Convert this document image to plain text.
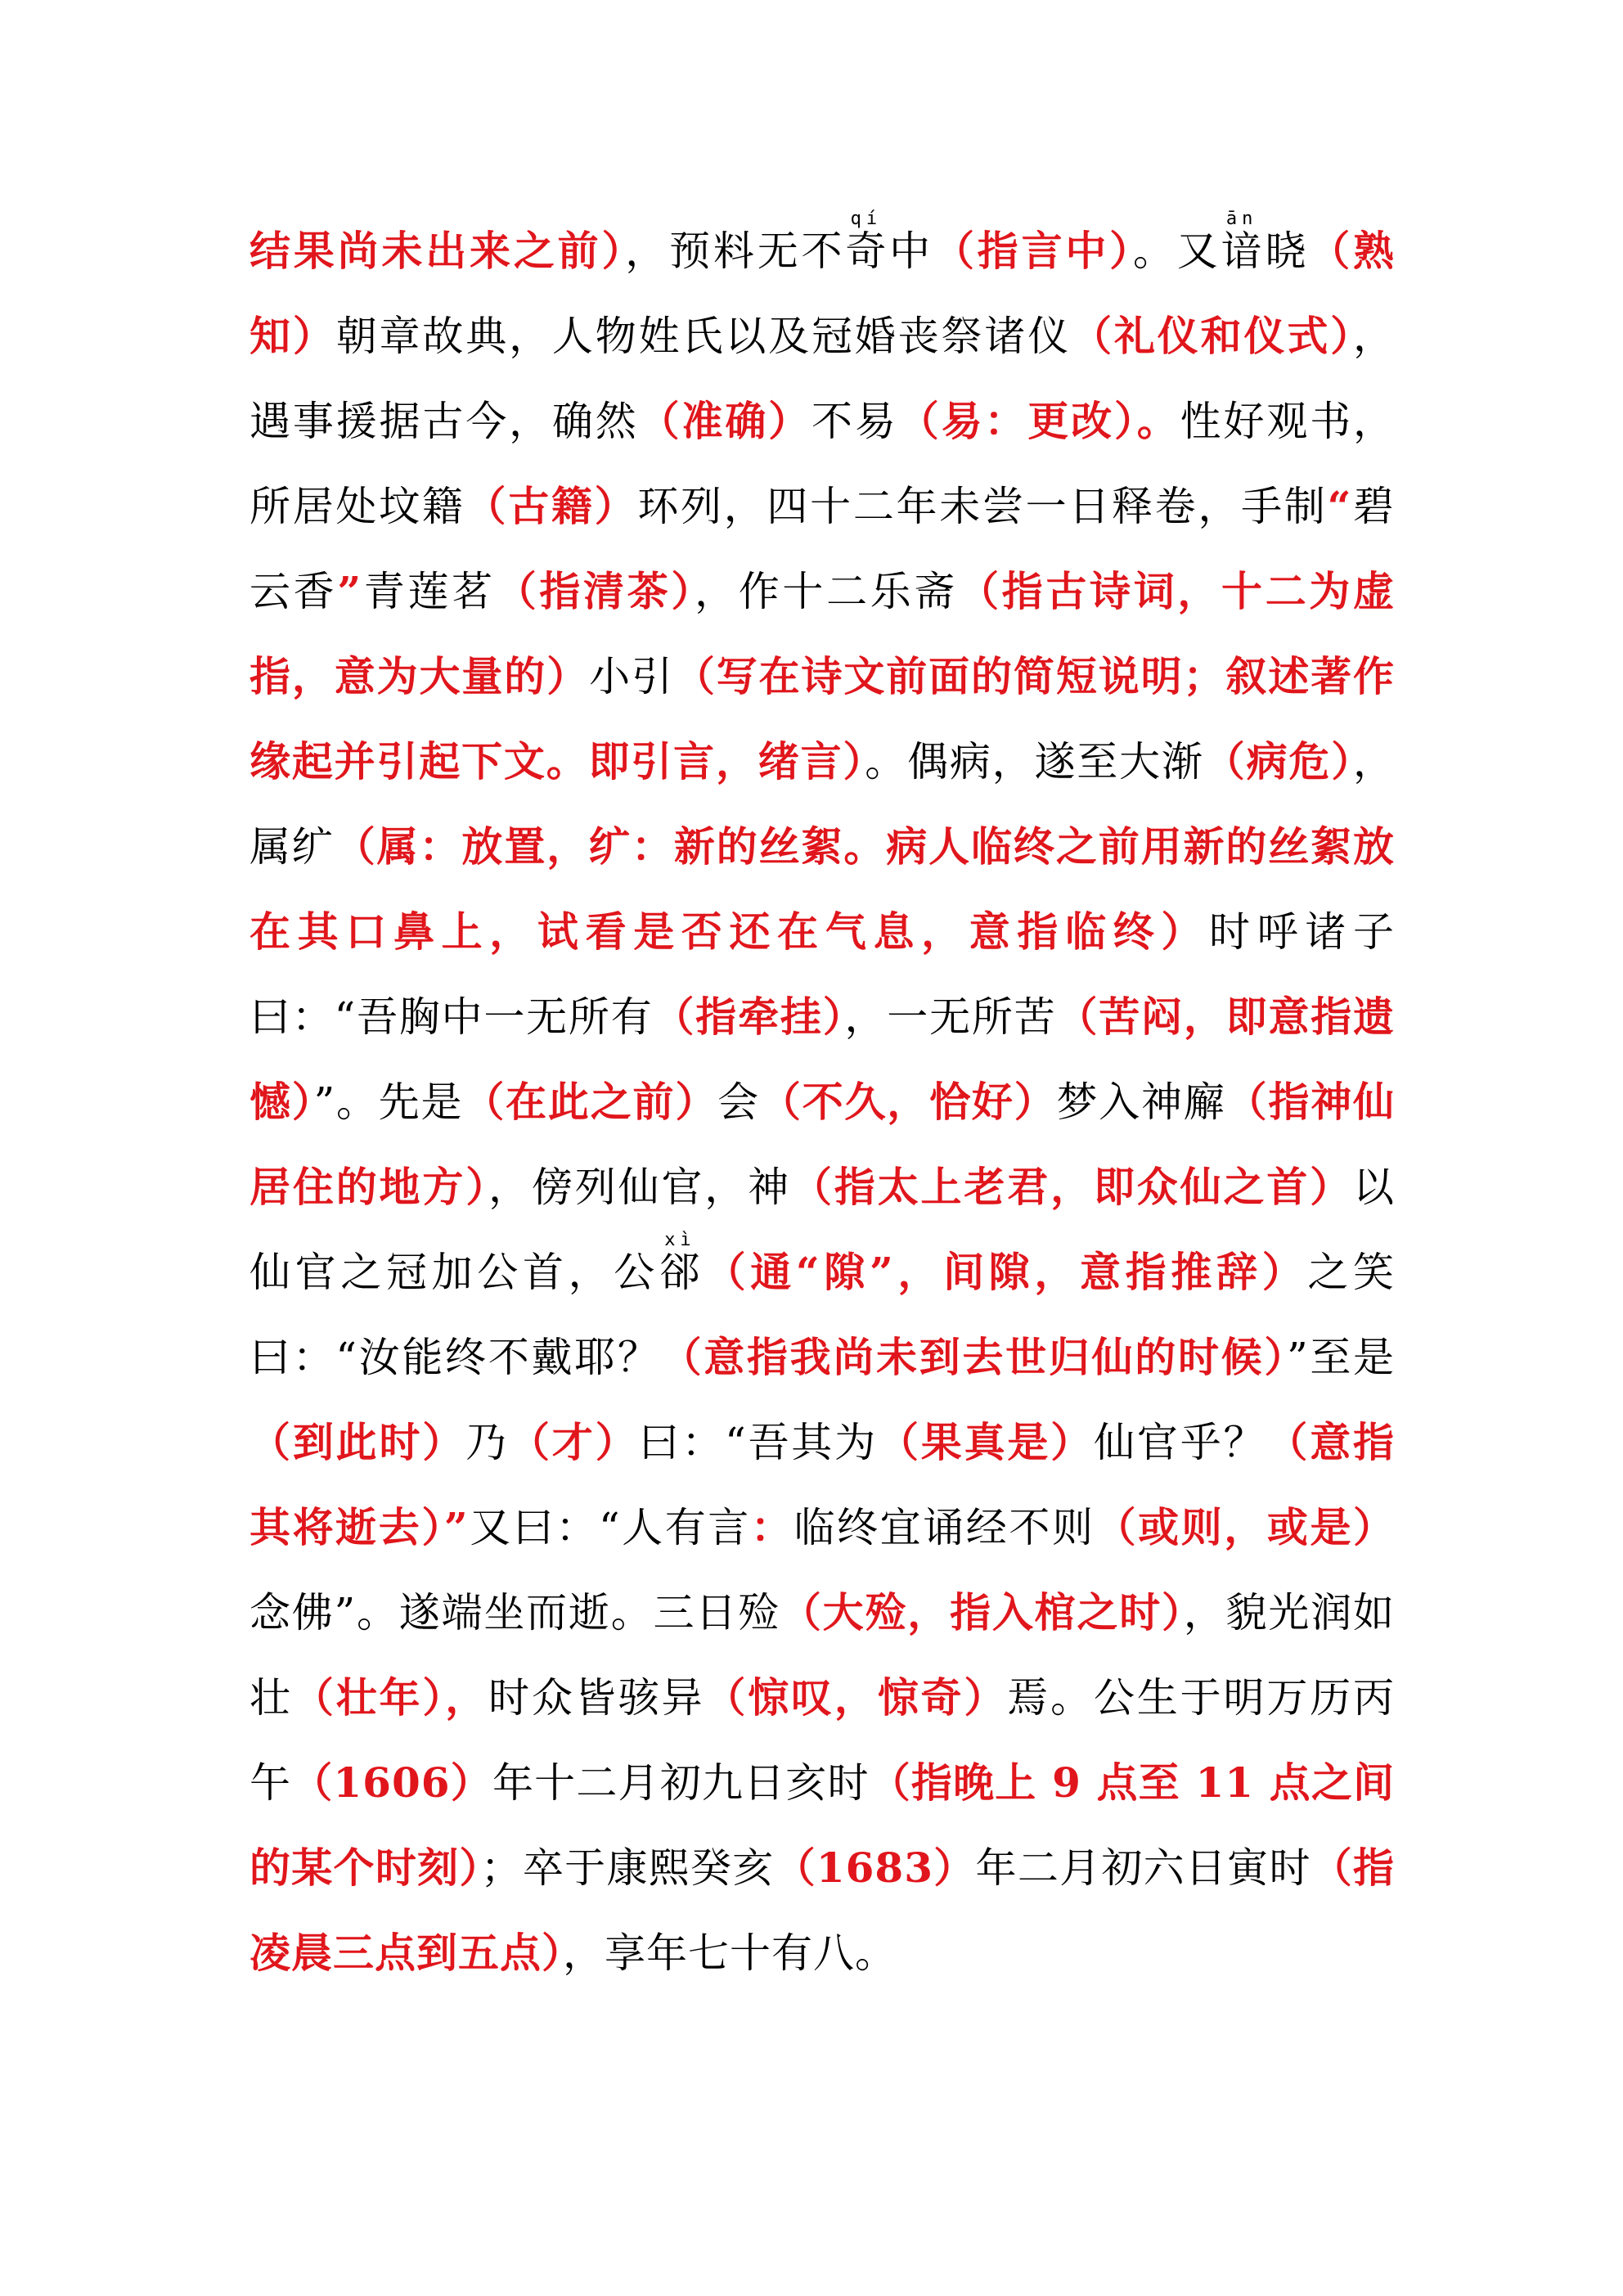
结果尚未出来之前），预料无不奇qí中（指言中）。又谙ān晓（熟知）朝章故典，人物姓氏以及冠婚丧祭诸仪（礼仪和仪式），遇事援据古今，确然（准确）不易（易：更改）。性好观书，所居处坟籍（古籍）环列，四十二年未尝一日释卷，手制“碧云香”青莲茗（指清茶），作十二乐斋（指古诗词，十二为虚指，意为大量的）小引（写在诗文前面的简短说明；叙述著作缘起并引起下文。即引言，绪言）。偶病，遂至大渐（病危），属纩（属：放置，纩：新的丝絮。病人临终之前用新的丝絮放在其口鼻上，试看是否还在气息，意指临终）时呼诸子曰：“吾胸中一无所有（指牵挂），一无所苦（苦闷，即意指遗憾）”。先是（在此之前）会（不久，恰好）梦入神廨（指神仙居住的地方），傍列仙官，神（指太上老君，即众仙之首）以仙官之冠加公首，公郤xì（通“隙”，间隙，意指推辞）之笑曰：“汝能终不戴耶？（意指我尚未到去世归仙的时候）”至是（到此时）乃（才）曰：“吾其为（果真是）仙官乎？（意指其将逝去）”又曰：“人有言：临终宜诵经不则（或则，或是）念佛”。遂端坐而逝。三日殓（大殓，指入棺之时），貌光润如壮（壮年），时众皆骇异（惊叹，惊奇）焉。公生于明万历丙午（1606）年十二月初九日亥时（指晚上 9 点至 11 点之间的某个时刻）；卒于康熙癸亥（1683）年二月初六日寅时（指凌晨三点到五点），享年七十有八。
